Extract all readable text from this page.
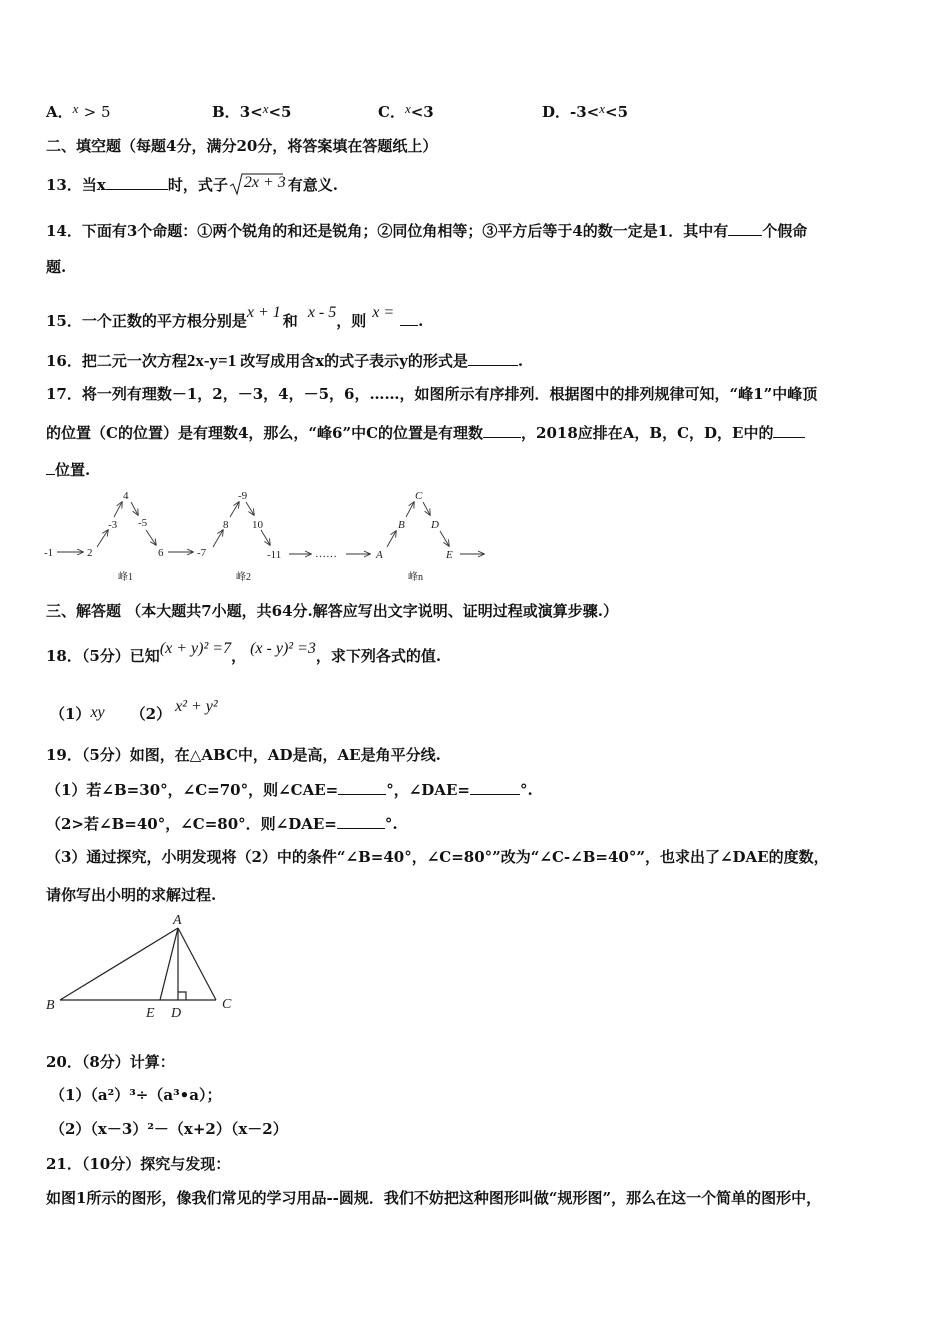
A．x > 5	B．3<x<5	C．x<3	D．-3<x<5
二、填空题（每题4分，满分20分，将答案填在答题纸上）
13．当x	时，式子 2x + 3 有意义.
14．下面有3个命题：①两个锐角的和还是锐角；②同位角相等；③平方后等于4的数一定是1．其中有 个假命
题.
15．一个正数的平方根分别是x + 1 和 x - 5，则 x = .
16．把二元一次方程2x-y=1 改写成用含x的式子表示y的形式是	.
17．将一列有理数－1，2，－3，4，－5，6，……，如图所示有序排列．根据图中的排列规律可知，“峰1”中峰顶
的位置（C的位置）是有理数4，那么，“峰6”中C的位置是有理数	，2018应排在A，B，C，D，E中的
位置.
-1	2
-3
4
-5
6	-7
8
-9
10
-11	……	A
B
C
D
E
峰1	峰2	峰n
三、解答题 （本大题共7小题，共64分.解答应写出文字说明、证明过程或演算步骤.）
18．（5分）已知(x + y)² =7， (x - y)² =3，求下列各式的值.
（1）xy （2） x² + y²
19．（5分）如图，在△ABC中，AD是高，AE是角平分线.
（1）若∠B=30°，∠C=70°，则∠CAE=	°，∠DAE=	°.
（2>若∠B=40°，∠C=80°．则∠DAE=	°.
（3）通过探究，小明发现将（2）中的条件“∠B=40°，∠C=80°”改为“∠C-∠B=40°”，也求出了∠DAE的度数，
请你写出小明的求解过程.
A
B	C
E D
20．（8分）计算：
（1）（a²）³÷（a³•a）；
（2）（x－3）²－（x+2）（x－2）
21．（10分）探究与发现：
如图1所示的图形，像我们常见的学习用品--圆规．我们不妨把这种图形叫做“规形图”，那么在这一个简单的图形中，
